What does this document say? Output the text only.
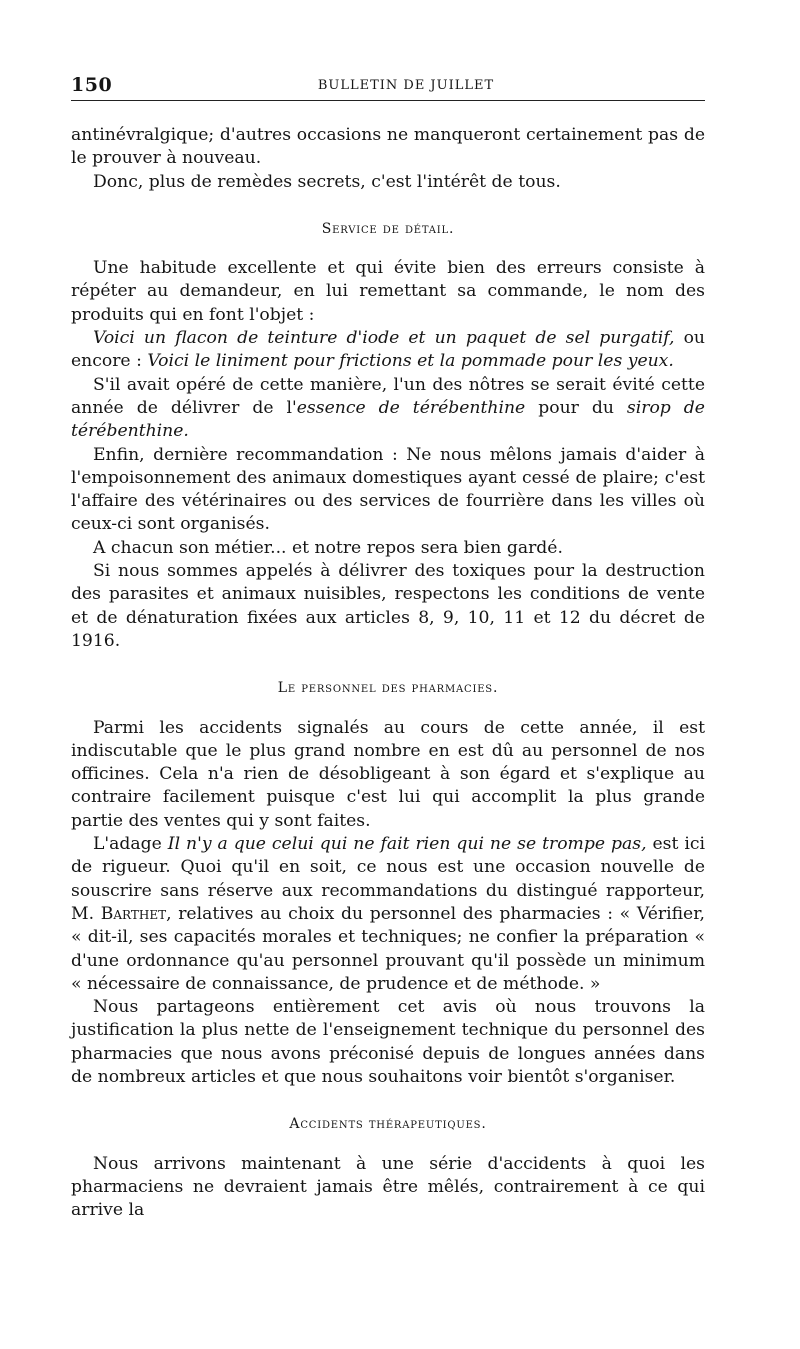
150	BULLETIN DE JUILLET

antinévralgique; d'autres occasions ne manqueront certainement pas de le prouver à nouveau.

Donc, plus de remèdes secrets, c'est l'intérêt de tous.

Service de détail.

Une habitude excellente et qui évite bien des erreurs consiste à répéter au demandeur, en lui remettant sa commande, le nom des produits qui en font l'objet :

Voici un flacon de teinture d'iode et un paquet de sel purgatif, ou encore : Voici le liniment pour frictions et la pommade pour les yeux.

S'il avait opéré de cette manière, l'un des nôtres se serait évité cette année de délivrer de l'essence de térébenthine pour du sirop de térébenthine.

Enfin, dernière recommandation : Ne nous mêlons jamais d'aider à l'empoisonnement des animaux domestiques ayant cessé de plaire; c'est l'affaire des vétérinaires ou des services de fourrière dans les villes où ceux-ci sont organisés.

A chacun son métier... et notre repos sera bien gardé.

Si nous sommes appelés à délivrer des toxiques pour la destruction des parasites et animaux nuisibles, respectons les conditions de vente et de dénaturation fixées aux articles 8, 9, 10, 11 et 12 du décret de 1916.

Le personnel des pharmacies.

Parmi les accidents signalés au cours de cette année, il est indiscutable que le plus grand nombre en est dû au personnel de nos officines. Cela n'a rien de désobligeant à son égard et s'explique au contraire facilement puisque c'est lui qui accomplit la plus grande partie des ventes qui y sont faites.

L'adage Il n'y a que celui qui ne fait rien qui ne se trompe pas, est ici de rigueur. Quoi qu'il en soit, ce nous est une occasion nouvelle de souscrire sans réserve aux recommandations du distingué rapporteur, M. Barthet, relatives au choix du personnel des pharmacies : « Vérifier, « dit-il, ses capacités morales et techniques; ne confier la préparation « d'une ordonnance qu'au personnel prouvant qu'il possède un minimum « nécessaire de connaissance, de prudence et de méthode. »

Nous partageons entièrement cet avis où nous trouvons la justification la plus nette de l'enseignement technique du personnel des pharmacies que nous avons préconisé depuis de longues années dans de nombreux articles et que nous souhaitons voir bientôt s'organiser.

Accidents thérapeutiques.

Nous arrivons maintenant à une série d'accidents à quoi les pharmaciens ne devraient jamais être mêlés, contrairement à ce qui arrive la
